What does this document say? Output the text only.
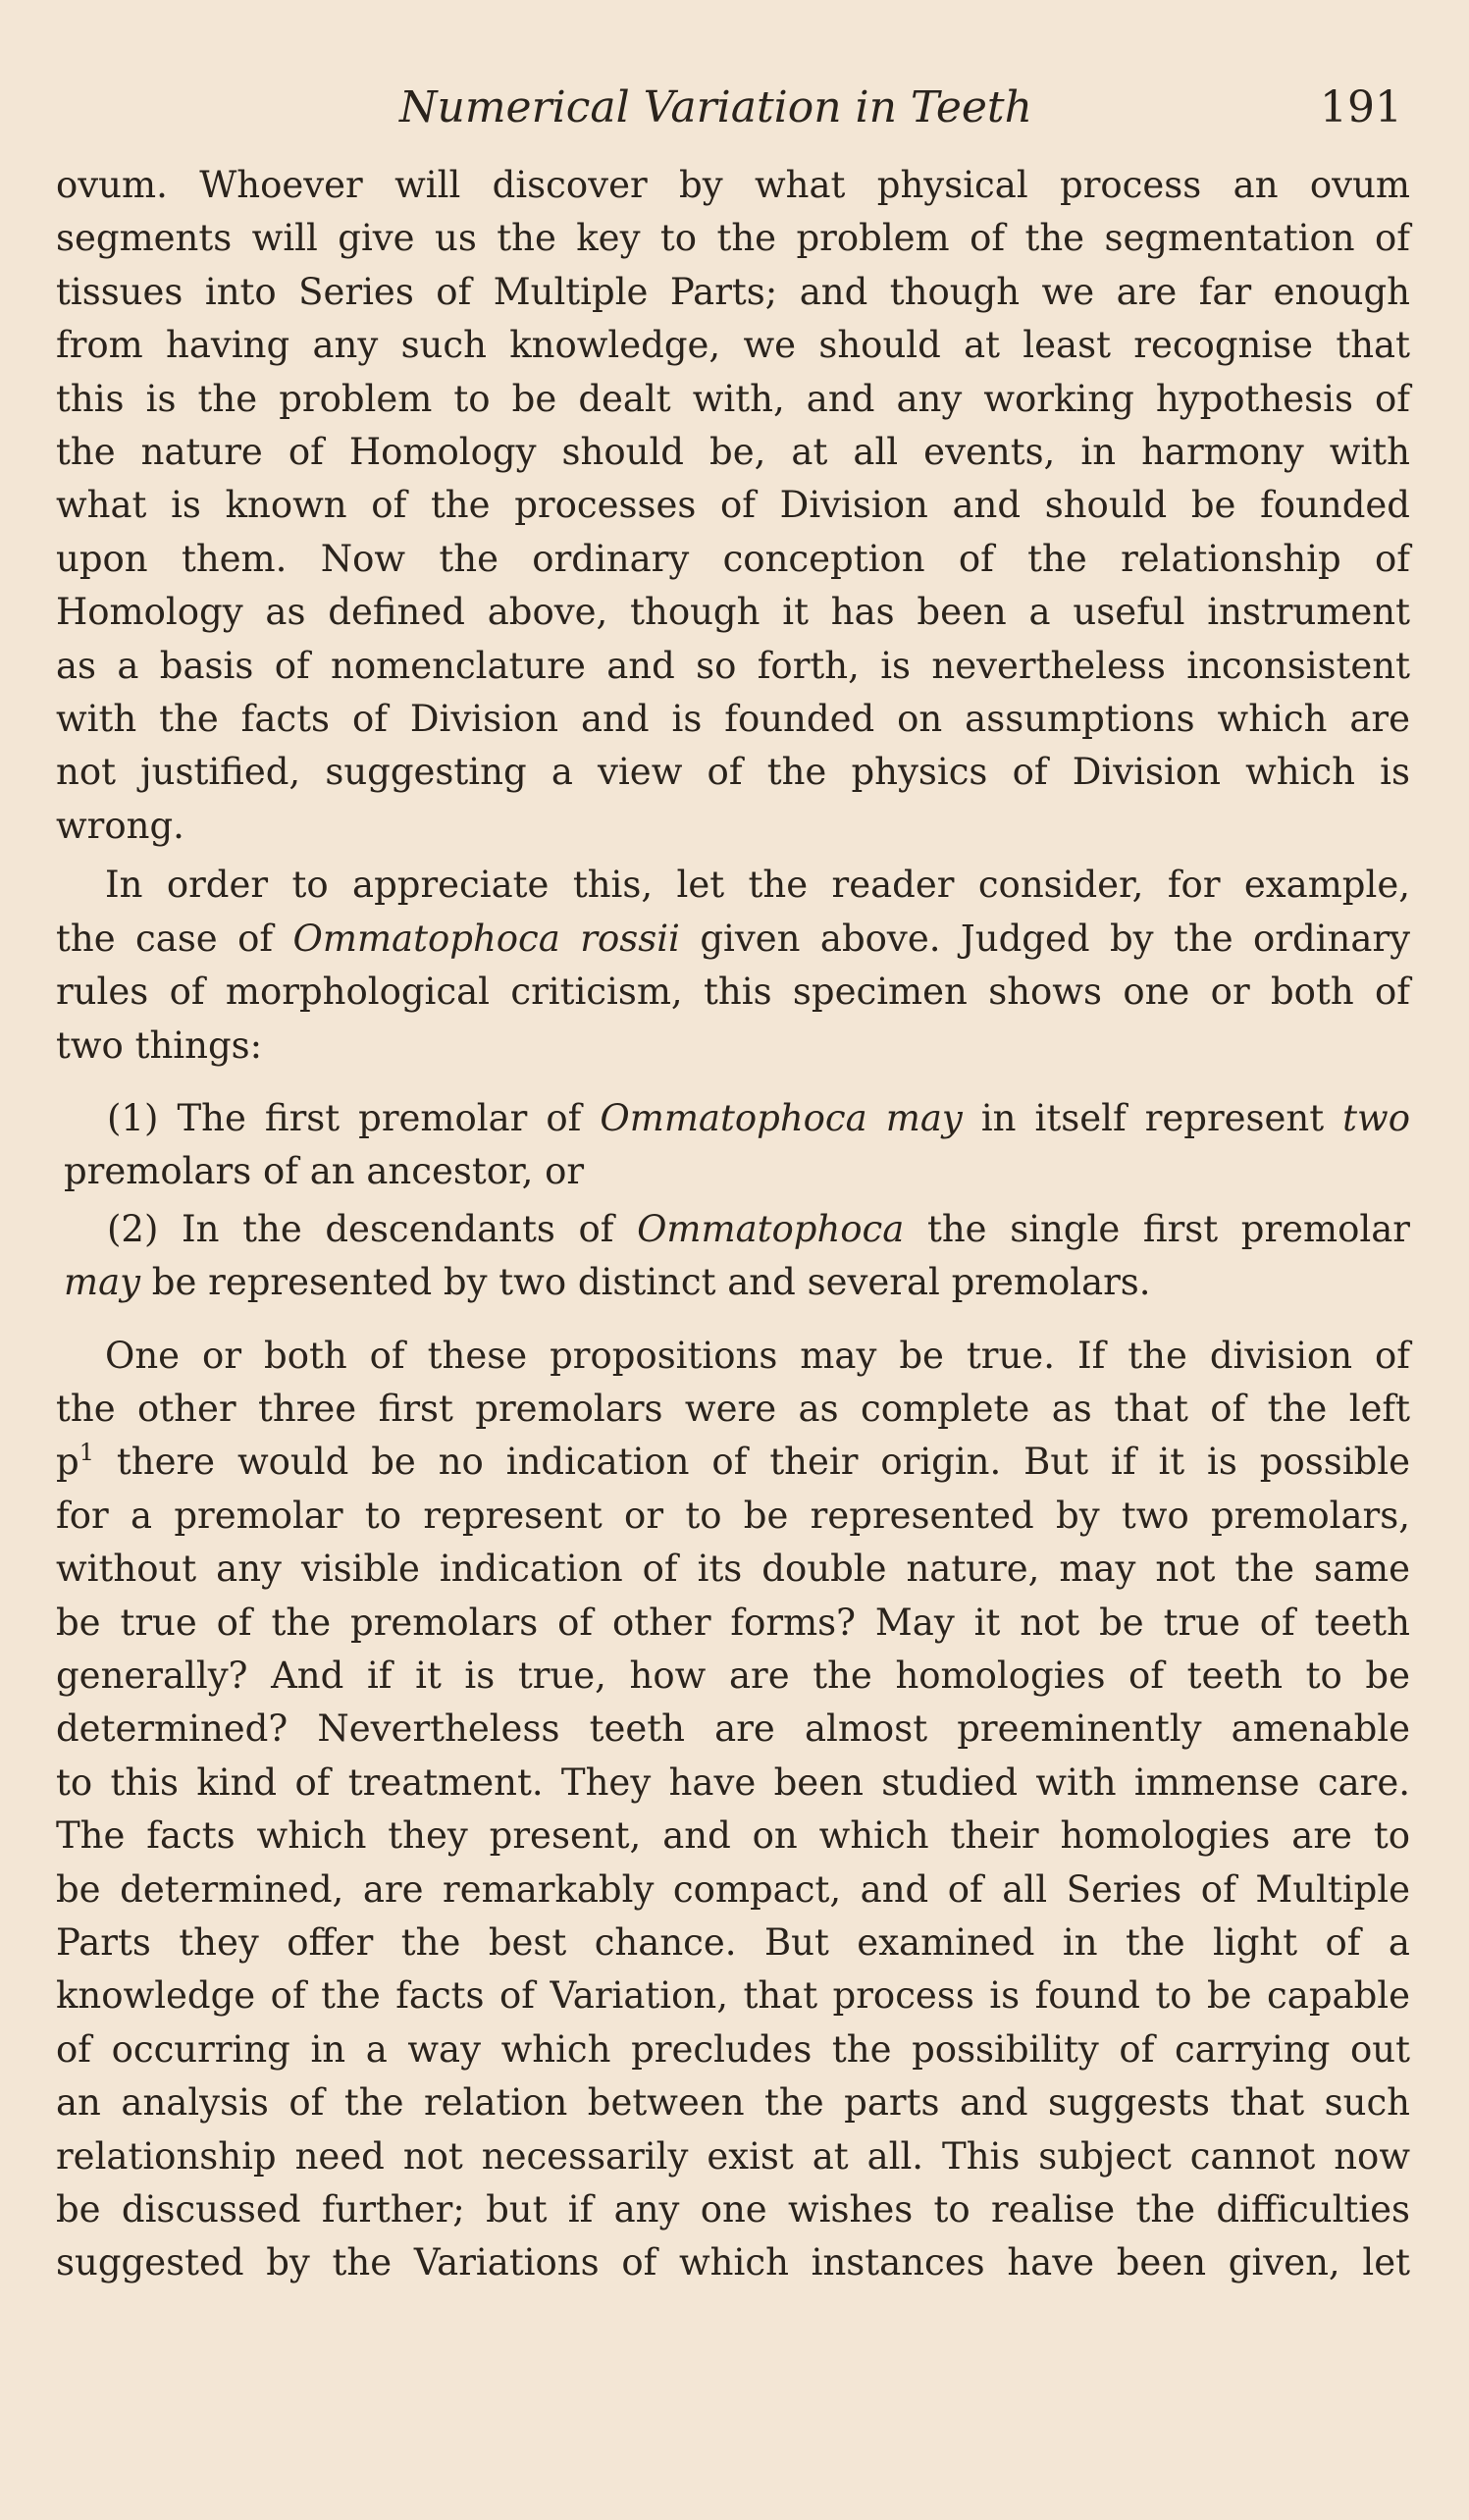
Numerical Variation in Teeth	191
ovum. Whoever will discover by what physical process an ovum
segments will give us the key to the problem of the segmentation of
tissues into Series of Multiple Parts; and though we are far enough
from having any such knowledge, we should at least recognise that
this is the problem to be dealt with, and any working hypothesis of
the nature of Homology should be, at all events, in harmony with
what is known of the processes of Division and should be founded
upon them. Now the ordinary conception of the relationship of
Homology as defined above, though it has been a useful instrument
as a basis of nomenclature and so forth, is nevertheless inconsistent
with the facts of Division and is founded on assumptions which are
not justified, suggesting a view of the physics of Division which is
wrong.
In order to appreciate this, let the reader consider, for example,
the case of Ommatophoca rossii given above. Judged by the ordinary
rules of morphological criticism, this specimen shows one or both of
two things:
(1) The first premolar of Ommatophoca may in itself represent two
premolars of an ancestor, or
(2) In the descendants of Ommatophoca the single first premolar
may be represented by two distinct and several premolars.
One or both of these propositions may be true. If the division of
the other three first premolars were as complete as that of the left
$p^1$ there would be no indication of their origin. But if it is possible
for a premolar to represent or to be represented by two premolars,
without any visible indication of its double nature, may not the same
be true of the premolars of other forms? May it not be true of teeth
generally? And if it is true, how are the homologies of teeth to be
determined? Nevertheless teeth are almost preeminently amenable
to this kind of treatment. They have been studied with immense care.
The facts which they present, and on which their homologies are to
be determined, are remarkably compact, and of all Series of Multiple
Parts they offer the best chance. But examined in the light of a
knowledge of the facts of Variation, that process is found to be capable
of occurring in a way which precludes the possibility of carrying out
an analysis of the relation between the parts and suggests that such
relationship need not necessarily exist at all. This subject cannot now
be discussed further; but if any one wishes to realise the difficulties
suggested by the Variations of which instances have been given, let
